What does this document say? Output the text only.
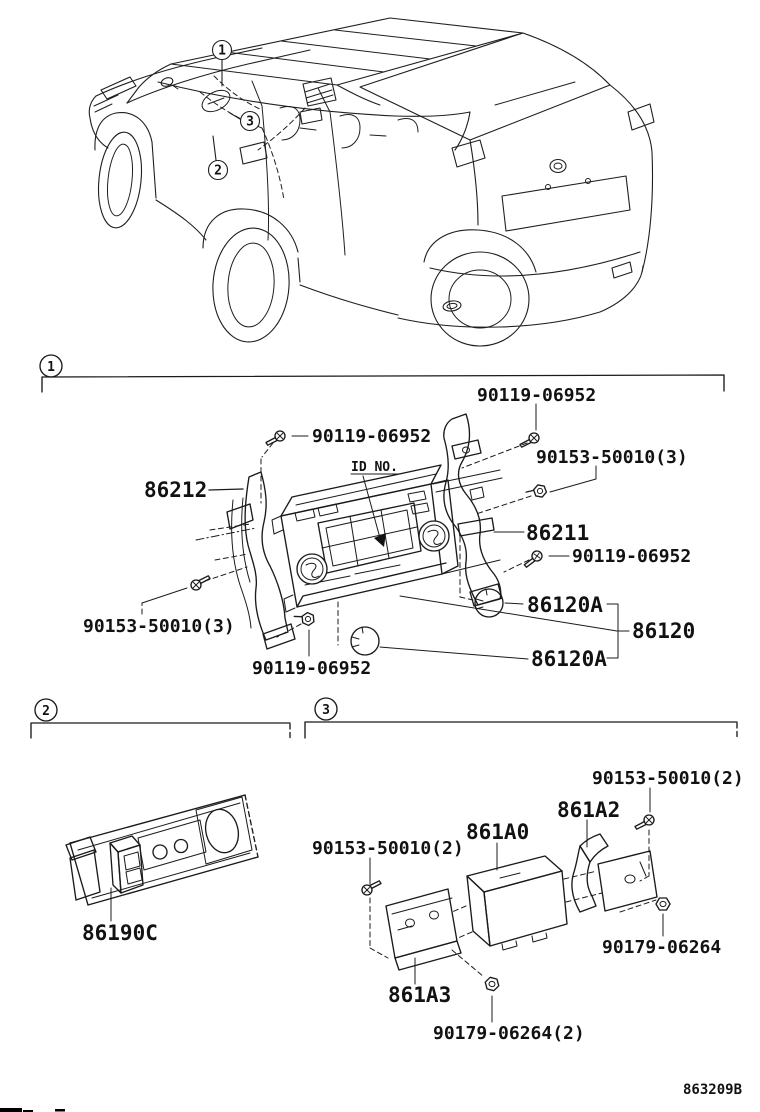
1
3
2
1
ID NO.
90119-06952
90119-06952
90153-50010(3)
86212
86211
90119-06952
86120A
86120
86120A
90153-50010(3)
90119-06952
2
86190C
3
90153-50010(2)
861A2
861A0
90153-50010(2)
90179-06264
861A3
90179-06264(2)
863209B
